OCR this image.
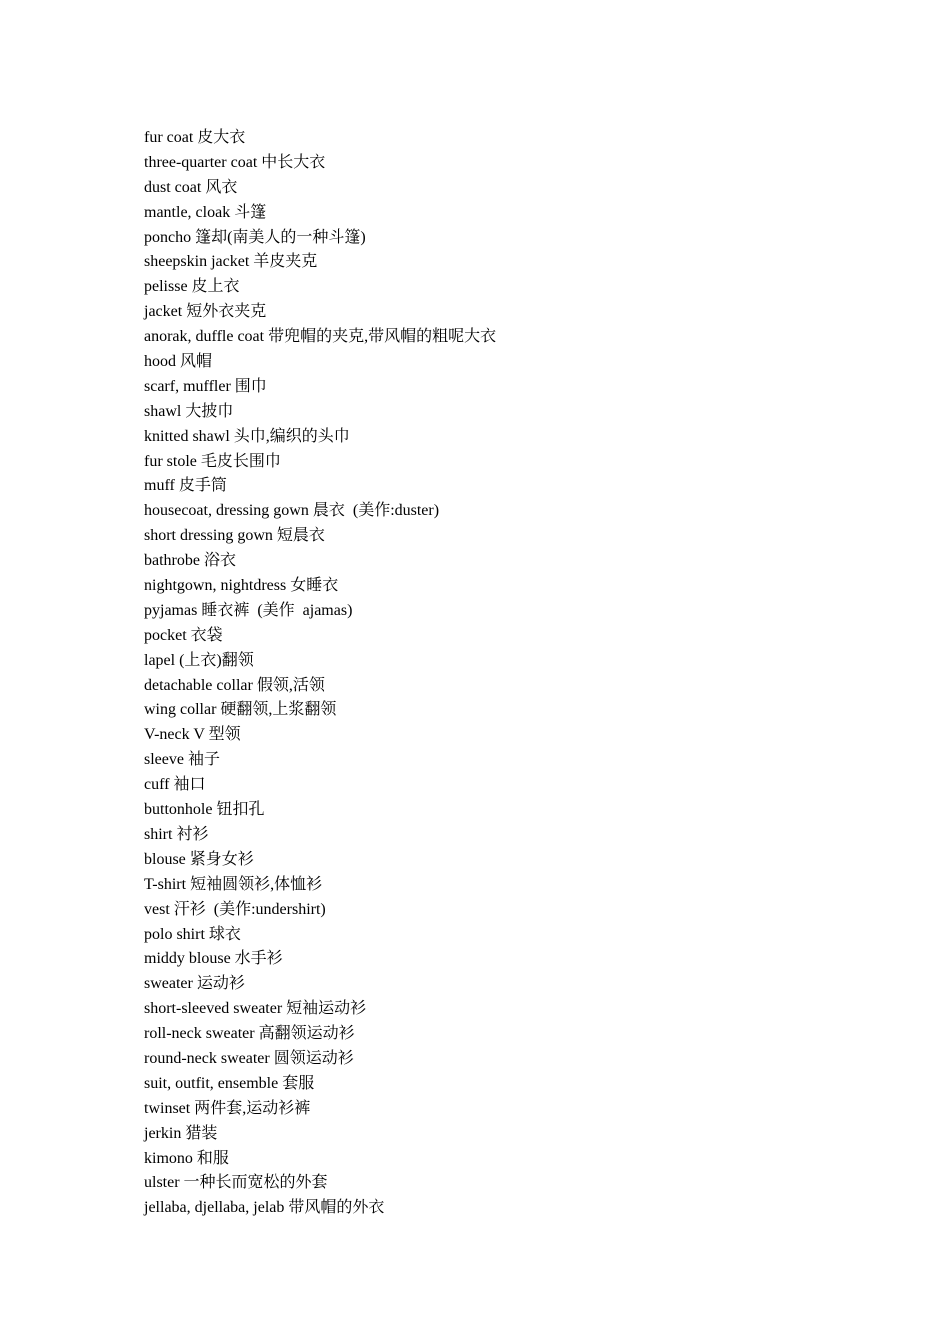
fur coat 皮大衣
three-quarter coat 中长大衣
dust coat 风衣
mantle, cloak 斗篷
poncho 篷却(南美人的一种斗篷)
sheepskin jacket 羊皮夹克
pelisse 皮上衣
jacket 短外衣夹克
anorak, duffle coat 带兜帽的夹克,带风帽的粗呢大衣
hood 风帽
scarf, muffler 围巾
shawl 大披巾
knitted shawl 头巾,编织的头巾
fur stole 毛皮长围巾
muff 皮手筒
housecoat, dressing gown 晨衣  (美作:duster)
short dressing gown 短晨衣
bathrobe 浴衣
nightgown, nightdress 女睡衣
pyjamas 睡衣裤  (美作  ajamas)
pocket 衣袋
lapel (上衣)翻领
detachable collar 假领,活领
wing collar 硬翻领,上浆翻领
V-neck V 型领
sleeve 袖子
cuff 袖口
buttonhole 钮扣孔
shirt 衬衫
blouse 紧身女衫
T-shirt 短袖圆领衫,体恤衫
vest 汗衫  (美作:undershirt)
polo shirt 球衣
middy blouse 水手衫
sweater 运动衫
short-sleeved sweater 短袖运动衫
roll-neck sweater 高翻领运动衫
round-neck sweater 圆领运动衫
suit, outfit, ensemble 套服
twinset 两件套,运动衫裤
jerkin 猎装
kimono 和服
ulster 一种长而宽松的外套
jellaba, djellaba, jelab 带风帽的外衣
